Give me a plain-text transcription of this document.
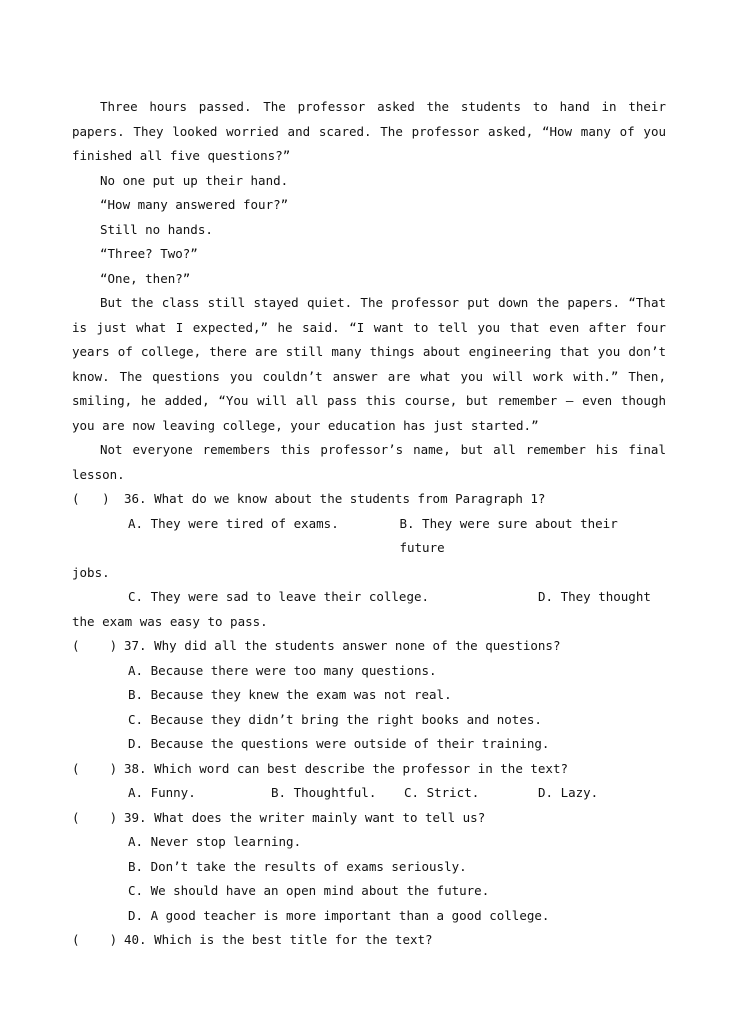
Three hours passed. The professor asked the students to hand in their papers. They looked worried and scared. The professor asked, “How many of you finished all five questions?”

No one put up their hand.

“How many answered four?”

Still no hands.

“Three? Two?”

“One, then?”

But the class still stayed quiet. The professor put down the papers. “That is just what I expected,” he said. “I want to tell you that even after four years of college, there are still many things about engineering that you don’t know. The questions you couldn’t answer are what you will work with.” Then, smiling, he added, “You will all pass this course, but remember — even though you are now leaving college, your education has just started.”

Not everyone remembers this professor’s name, but all remember his final lesson.

(   ) 36. What do we know about the students from Paragraph 1?

A. They were tired of exams.	B. They were sure about their future

jobs.

C. They were sad to leave their college.	D. They thought

the exam was easy to pass.

(    ) 37. Why did all the students answer none of the questions?

A. Because there were too many questions.

B. Because they knew the exam was not real.

C. Because they didn’t bring the right books and notes.

D. Because the questions were outside of their training.

(    ) 38. Which word can best describe the professor in the text?

A. Funny.	B. Thoughtful.	C. Strict.	D. Lazy.

(    ) 39. What does the writer mainly want to tell us?

A. Never stop learning.

B. Don’t take the results of exams seriously.

C. We should have an open mind about the future.

D. A good teacher is more important than a good college.

(    ) 40. Which is the best title for the text?
